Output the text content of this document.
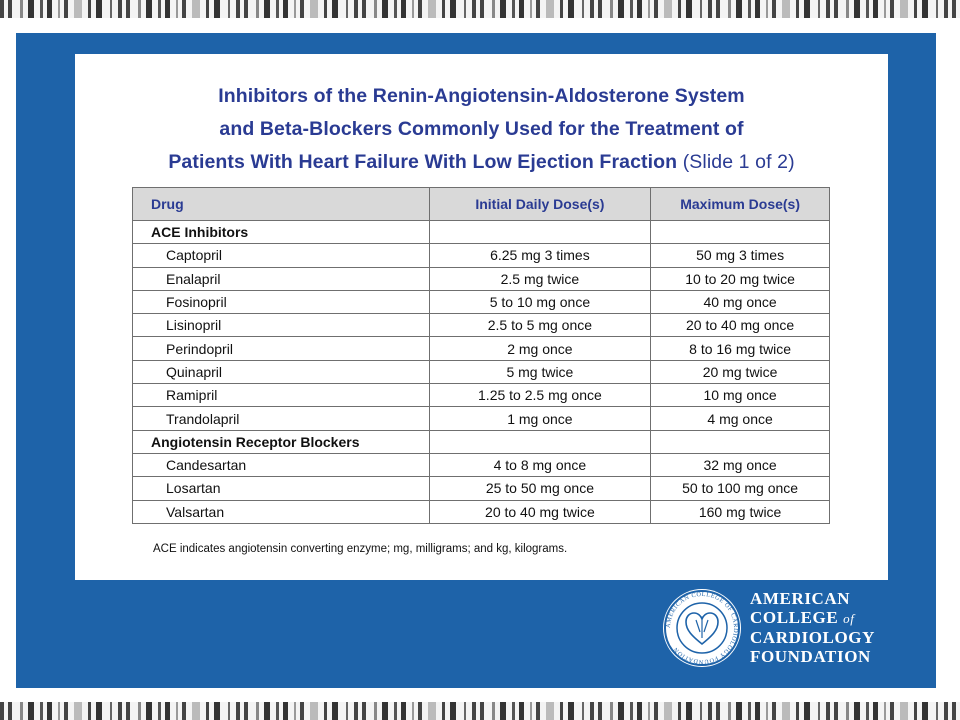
Inhibitors of the Renin-Angiotensin-Aldosterone System
and Beta-Blockers Commonly Used for the Treatment of
Patients With Heart Failure With Low Ejection Fraction (Slide 1 of 2)
Drug	Initial Daily Dose(s)	Maximum Dose(s)
ACE Inhibitors		
Captopril	6.25 mg 3 times	50 mg 3 times
Enalapril	2.5 mg twice	10 to 20 mg twice
Fosinopril	5 to 10 mg once	40 mg once
Lisinopril	2.5 to 5 mg once	20 to 40 mg once
Perindopril	2 mg once	8 to 16 mg twice
Quinapril	5 mg twice	20 mg twice
Ramipril	1.25 to 2.5 mg once	10 mg once
Trandolapril	1 mg once	4 mg once
Angiotensin Receptor Blockers		
Candesartan	4 to 8 mg once	32 mg once
Losartan	25 to 50 mg once	50 to 100 mg once
Valsartan	20 to 40 mg twice	160 mg twice
ACE indicates angiotensin converting enzyme; mg, milligrams; and kg, kilograms.
AMERICAN COLLEGE OF CARDIOLOGY FOUNDATION
AMERICAN
COLLEGE of
CARDIOLOGY
FOUNDATION
